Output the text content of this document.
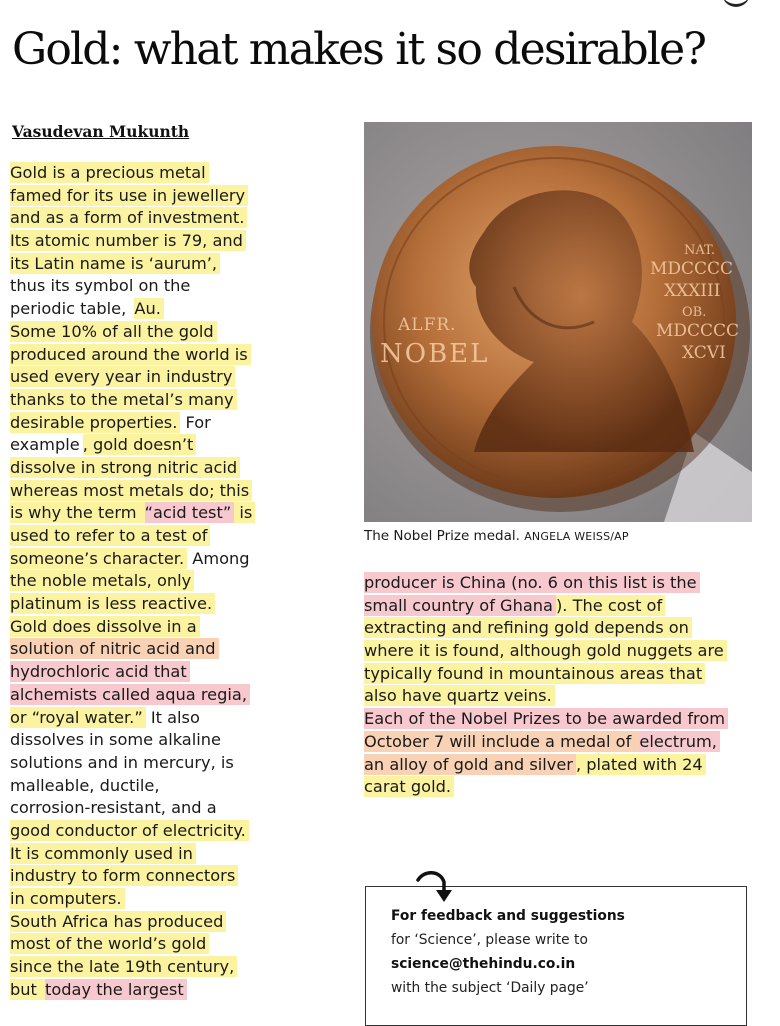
Gold: what makes it so desirable?
Vasudevan Mukunth
Gold is a precious metal
famed for its use in jewellery
and as a form of investment.
Its atomic number is 79, and
its Latin name is ‘aurum’,
thus its symbol on the
periodic table, Au.
Some 10% of all the gold
produced around the world is
used every year in industry
thanks to the metal’s many
desirable properties. For
example , gold doesn’t
dissolve in strong nitric acid
whereas most metals do; this
is why the term “acid test” is
used to refer to a test of
someone’s character. Among
the noble metals, only
platinum is less reactive.
Gold does dissolve in a
solution of nitric acid and
hydrochloric acid that
alchemists called aqua regia,
or “royal water.” It also
dissolves in some alkaline
solutions and in mercury, is
malleable, ductile,
corrosion-resistant, and a
good conductor of electricity.
It is commonly used in
industry to form connectors
in computers.
South Africa has produced
most of the world’s gold
since the late 19th century,
but today the largest
ALFR.
NOBEL
NAT.
MDCCCC
XXXIII
OB.
MDCCCC
XCVI
The Nobel Prize medal. ANGELA WEISS/AP
producer is China (no. 6 on this list is the
small country of Ghana ). The cost of
extracting and refining gold depends on
where it is found, although gold nuggets are
typically found in mountainous areas that
also have quartz veins.
Each of the Nobel Prizes to be awarded from
October 7 will include a medal of electrum,
an alloy of gold and silver , plated with 24
carat gold.
For feedback and suggestions
for ‘Science’, please write to
science@thehindu.co.in
with the subject ‘Daily page’
